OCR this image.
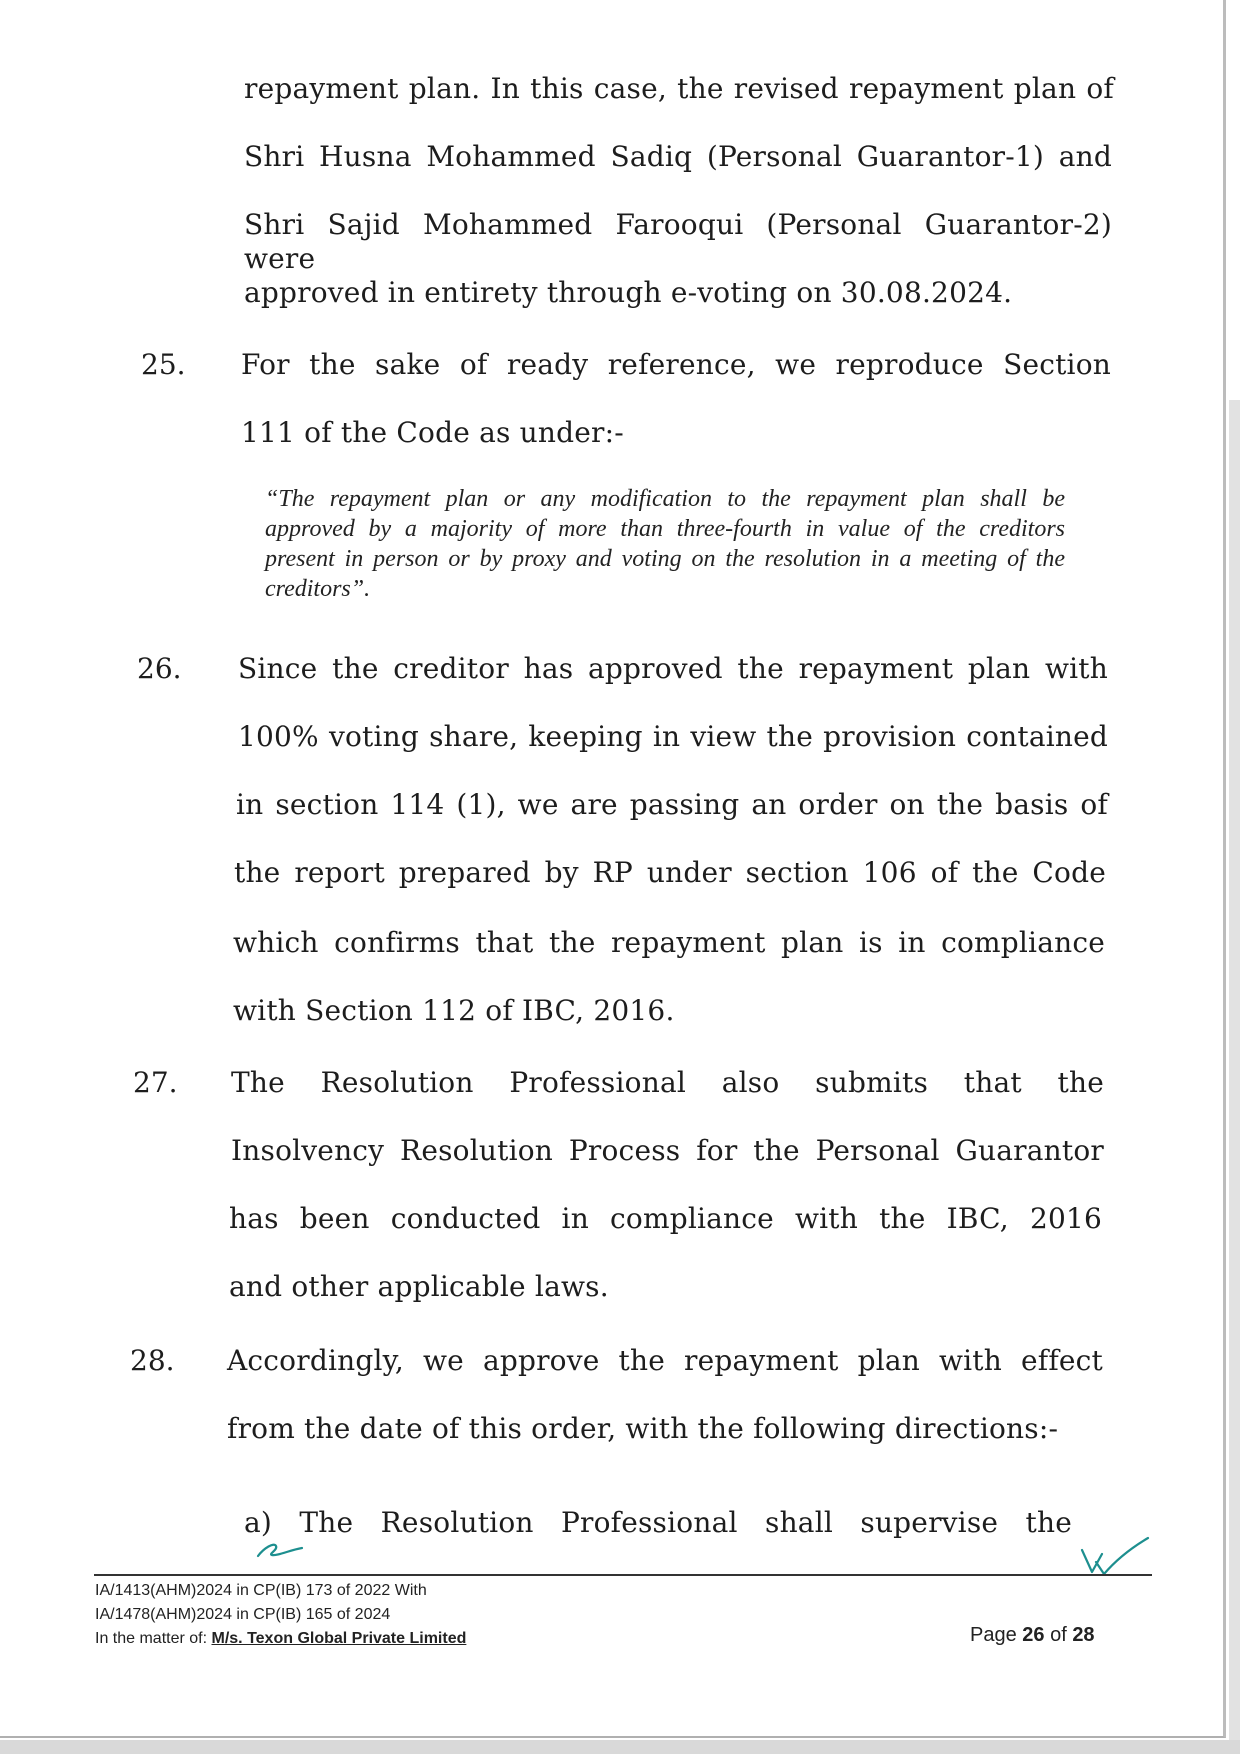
repayment plan. In this case, the revised repayment plan of
Shri Husna Mohammed Sadiq (Personal Guarantor-1) and
Shri Sajid Mohammed Farooqui (Personal Guarantor-2) were
approved in entirety through e-voting on 30.08.2024.
25. For the sake of ready reference, we reproduce Section
111 of the Code as under:-
“The repayment plan or any modification to the repayment plan shall be
approved by a majority of more than three-fourth in value of the creditors
present in person or by proxy and voting on the resolution in a meeting of the
creditors”.
26. Since the creditor has approved the repayment plan with
100% voting share, keeping in view the provision contained
in section 114 (1), we are passing an order on the basis of
the report prepared by RP under section 106 of the Code
which confirms that the repayment plan is in compliance
with Section 112 of IBC, 2016.
27. The Resolution Professional also submits that the
Insolvency Resolution Process for the Personal Guarantor
has been conducted in compliance with the IBC, 2016
and other applicable laws.
28. Accordingly, we approve the repayment plan with effect
from the date of this order, with the following directions:-
a) The Resolution Professional shall supervise the
IA/1413(AHM)2024 in CP(IB) 173 of 2022 With
IA/1478(AHM)2024 in CP(IB) 165 of 2024
In the matter of: M/s. Texon Global Private Limited	Page 26 of 28
